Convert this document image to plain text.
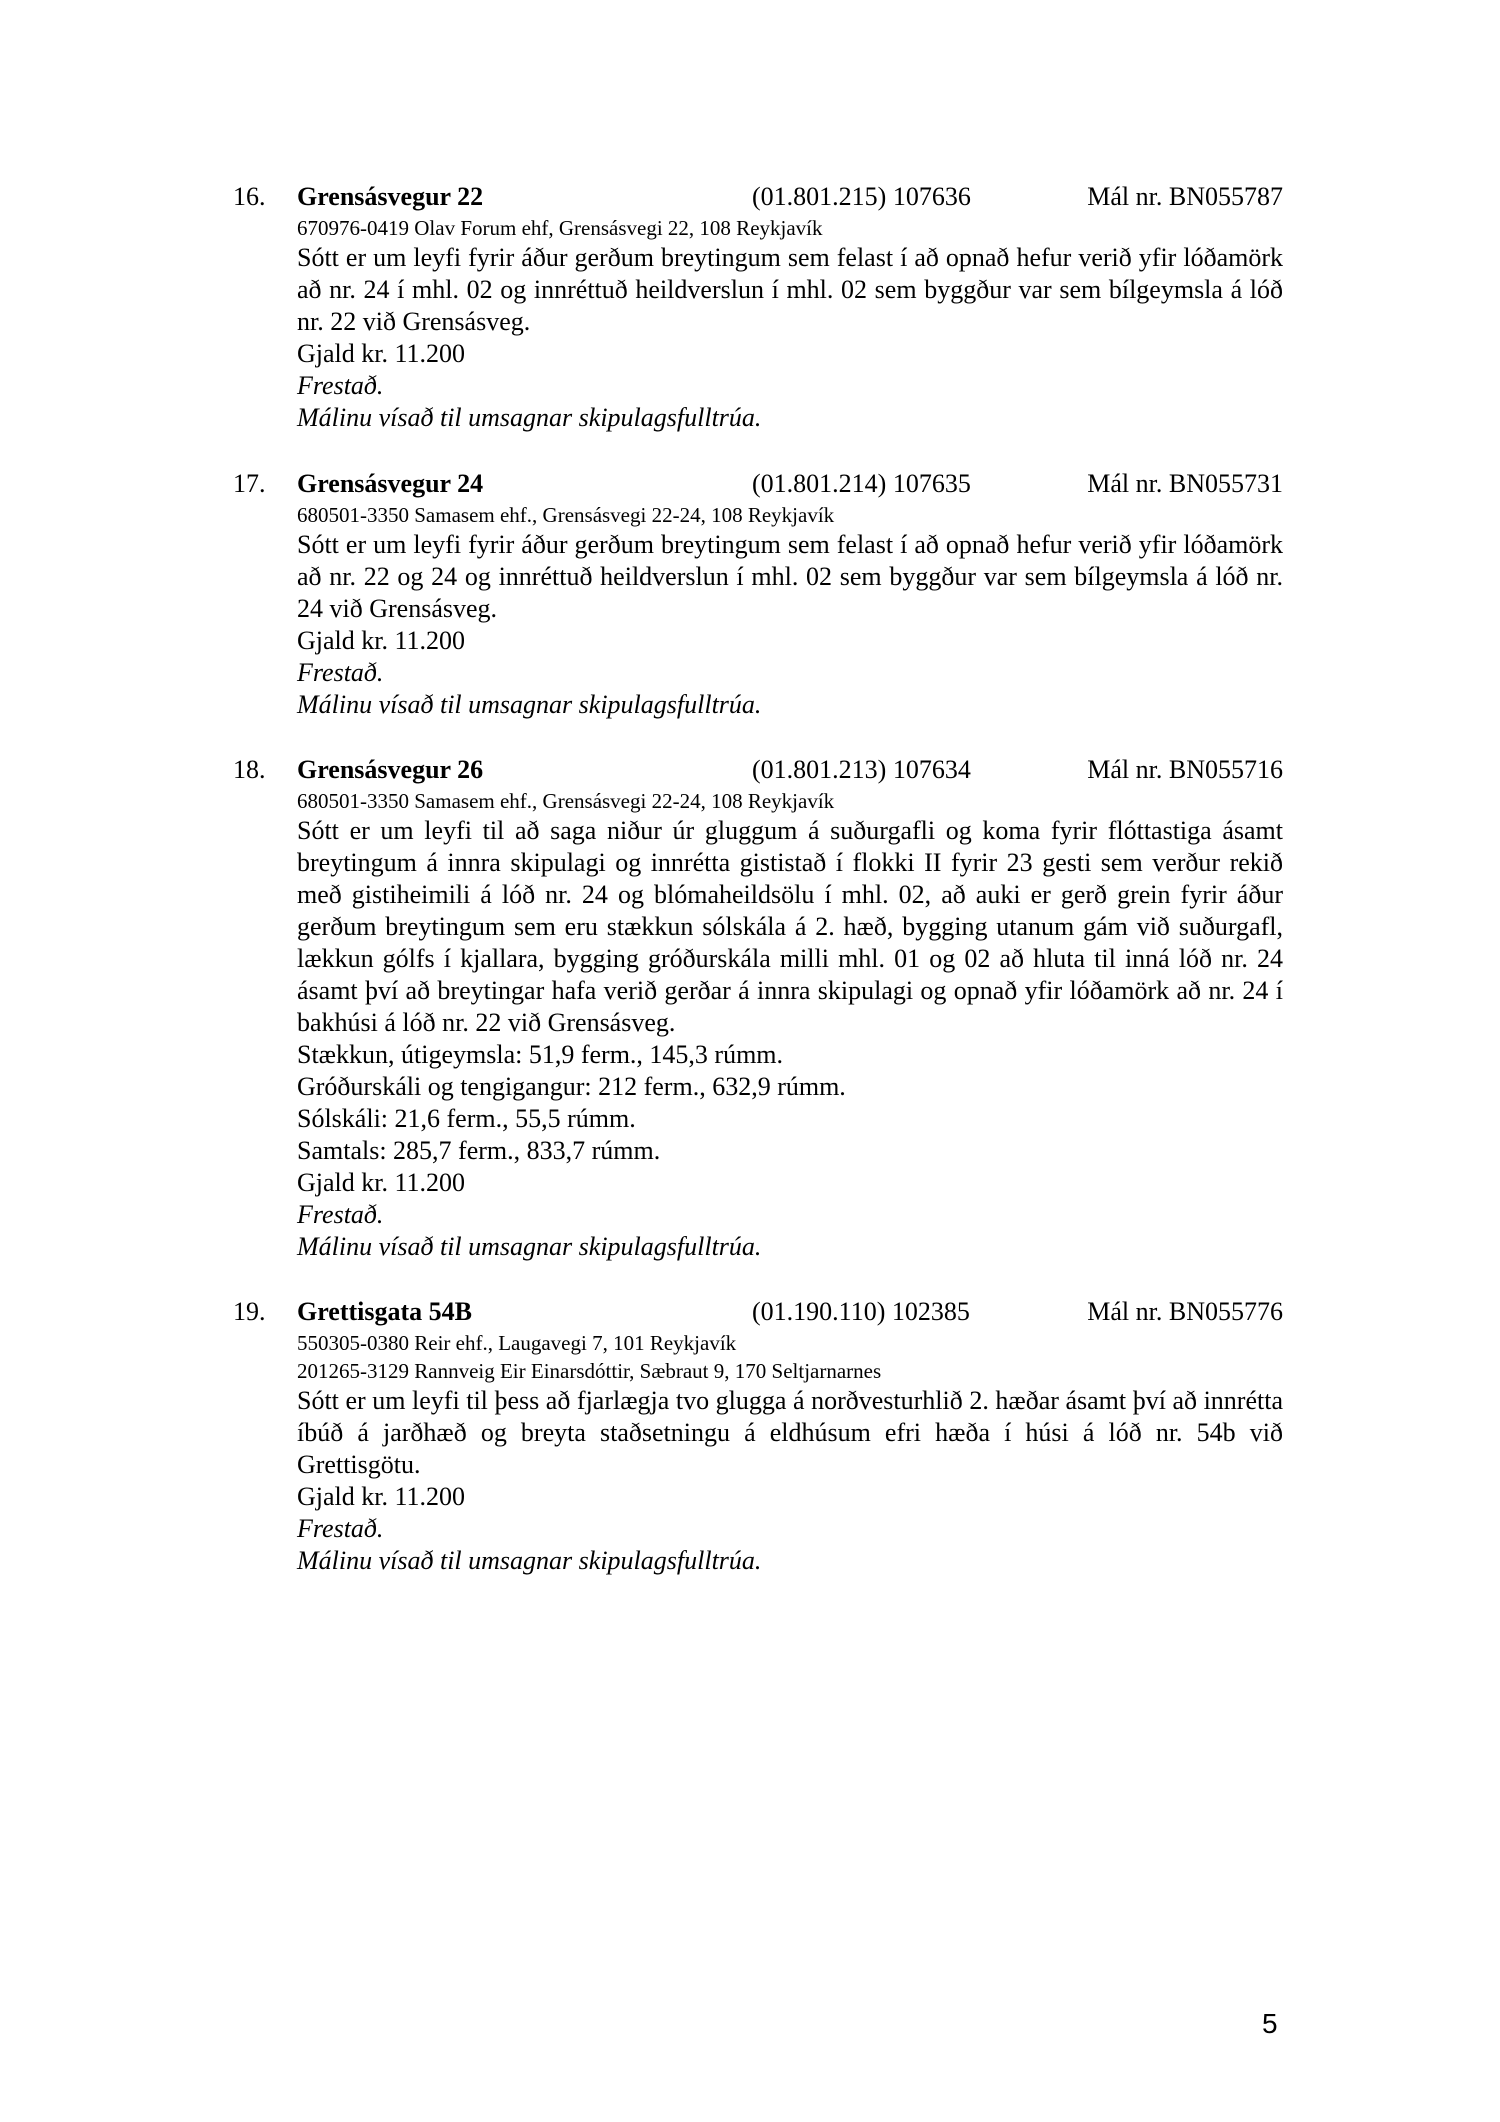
16. Grensásvegur 22	(01.801.215) 107636	Mál nr. BN055787
670976-0419 Olav Forum ehf, Grensásvegi 22, 108 Reykjavík
Sótt er um leyfi fyrir áður gerðum breytingum sem felast í að opnað hefur verið yfir lóðamörk að nr. 24 í mhl. 02 og innréttuð heildverslun í mhl. 02 sem byggður var sem bílgeymsla á lóð nr. 22 við Grensásveg.
Gjald kr. 11.200
Frestað.
Málinu vísað til umsagnar skipulagsfulltrúa.
17. Grensásvegur 24	(01.801.214) 107635	Mál nr. BN055731
680501-3350 Samasem ehf., Grensásvegi 22-24, 108 Reykjavík
Sótt er um leyfi fyrir áður gerðum breytingum sem felast í að opnað hefur verið yfir lóðamörk að nr. 22 og 24 og innréttuð heildverslun í mhl. 02 sem byggður var sem bílgeymsla á lóð nr. 24 við Grensásveg.
Gjald kr. 11.200
Frestað.
Málinu vísað til umsagnar skipulagsfulltrúa.
18. Grensásvegur 26	(01.801.213) 107634	Mál nr. BN055716
680501-3350 Samasem ehf., Grensásvegi 22-24, 108 Reykjavík
Sótt er um leyfi til að saga niður úr gluggum á suðurgafli og koma fyrir flóttastiga ásamt breytingum á innra skipulagi og innrétta gististað í flokki II fyrir 23 gesti sem verður rekið með gistiheimili á lóð nr. 24 og blómaheildsölu í mhl. 02, að auki er gerð grein fyrir áður gerðum breytingum sem eru stækkun sólskála á 2. hæð, bygging utanum gám við suðurgafl, lækkun gólfs í kjallara, bygging gróðurskála milli mhl. 01 og 02 að hluta til inná lóð nr. 24 ásamt því að breytingar hafa verið gerðar á innra skipulagi og opnað yfir lóðamörk að nr. 24 í bakhúsi á lóð nr. 22 við Grensásveg.
Stækkun, útigeymsla: 51,9 ferm., 145,3 rúmm.
Gróðurskáli og tengigangur: 212 ferm., 632,9 rúmm.
Sólskáli: 21,6 ferm., 55,5 rúmm.
Samtals: 285,7 ferm., 833,7 rúmm.
Gjald kr. 11.200
Frestað.
Málinu vísað til umsagnar skipulagsfulltrúa.
19. Grettisgata 54B	(01.190.110) 102385	Mál nr. BN055776
550305-0380 Reir ehf., Laugavegi 7, 101 Reykjavík
201265-3129 Rannveig Eir Einarsdóttir, Sæbraut 9, 170 Seltjarnarnes
Sótt er um leyfi til þess að fjarlægja tvo glugga á norðvesturhlið 2. hæðar ásamt því að innrétta íbúð á jarðhæð og breyta staðsetningu á eldhúsum efri hæða í húsi á lóð nr. 54b við Grettisgötu.
Gjald kr. 11.200
Frestað.
Málinu vísað til umsagnar skipulagsfulltrúa.
5
